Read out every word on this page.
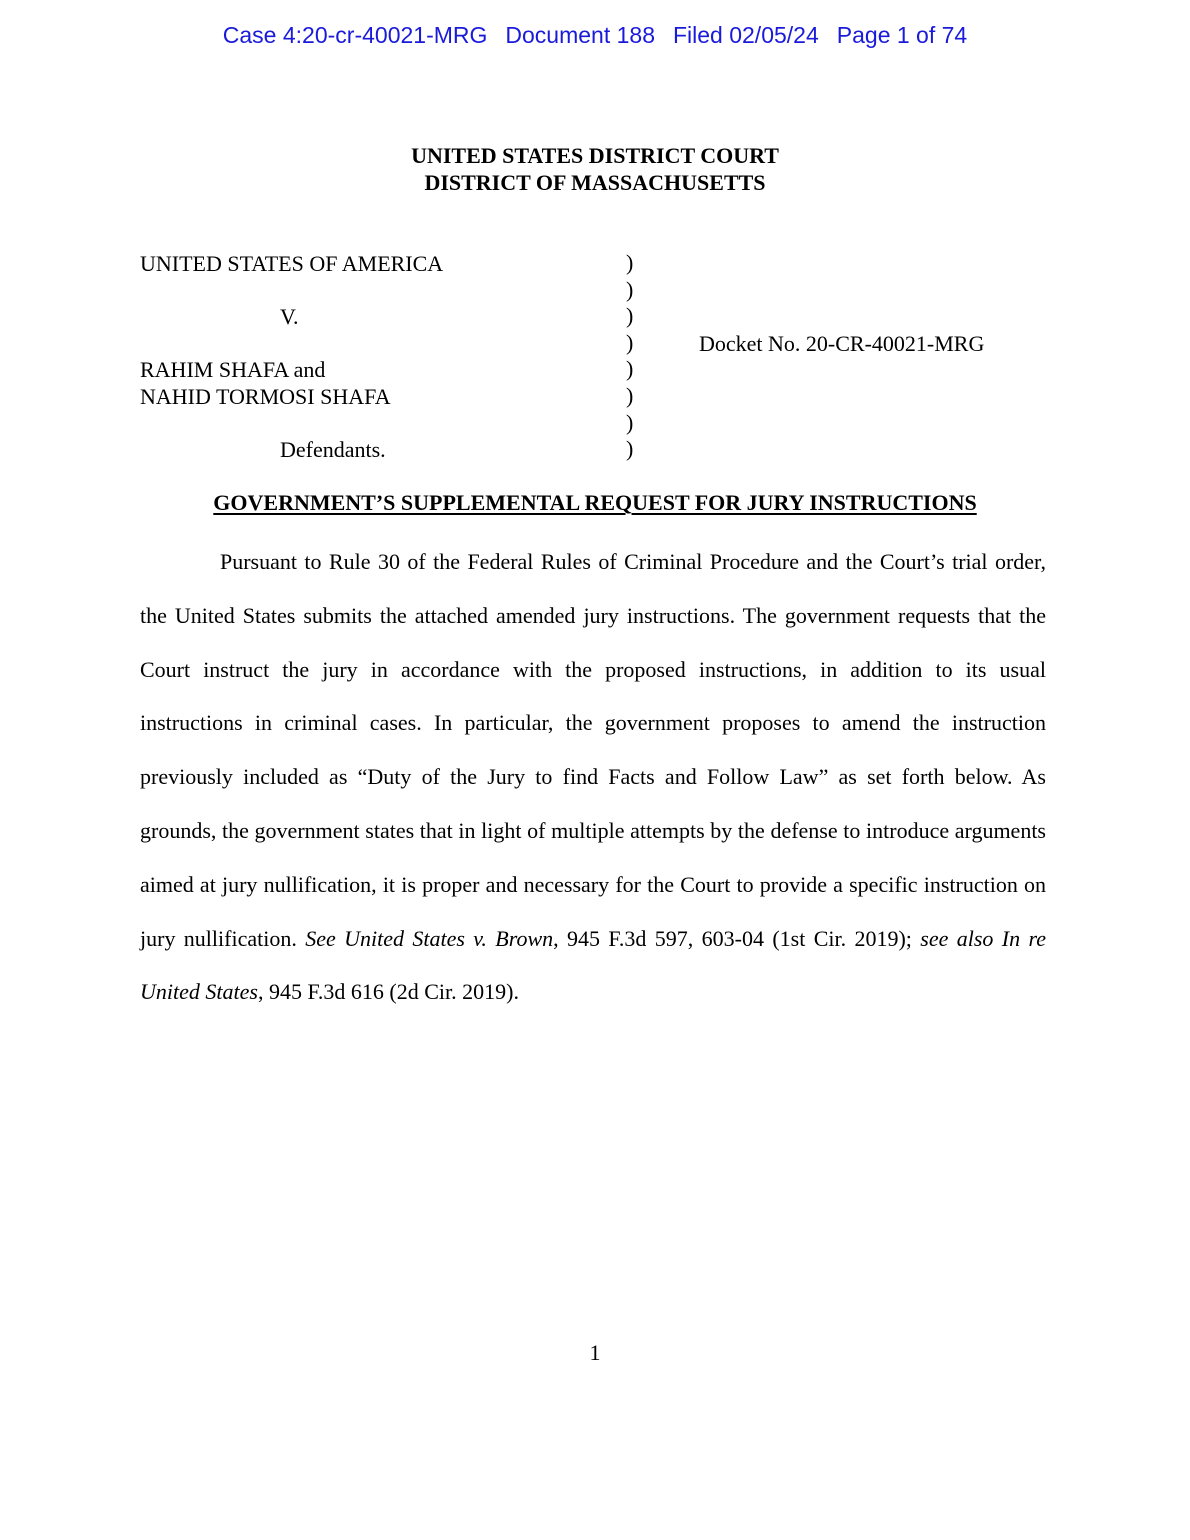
Case 4:20-cr-40021-MRG Document 188 Filed 02/05/24 Page 1 of 74
UNITED STATES DISTRICT COURT
DISTRICT OF MASSACHUSETTS
UNITED STATES OF AMERICA
V.
RAHIM SHAFA and
NAHID TORMOSI SHAFA
Defendants.
)
)
)
)
)
)
)
)
Docket No. 20-CR-40021-MRG
GOVERNMENT’S SUPPLEMENTAL REQUEST FOR JURY INSTRUCTIONS

Pursuant to Rule 30 of the Federal Rules of Criminal Procedure and the Court’s trial order, the United States submits the attached amended jury instructions. The government requests that the Court instruct the jury in accordance with the proposed instructions, in addition to its usual instructions in criminal cases. In particular, the government proposes to amend the instruction previously included as “Duty of the Jury to find Facts and Follow Law” as set forth below. As grounds, the government states that in light of multiple attempts by the defense to introduce arguments aimed at jury nullification, it is proper and necessary for the Court to provide a specific instruction on jury nullification. See United States v. Brown, 945 F.3d 597, 603-04 (1st Cir. 2019); see also In re United States, 945 F.3d 616 (2d Cir. 2019).

1
